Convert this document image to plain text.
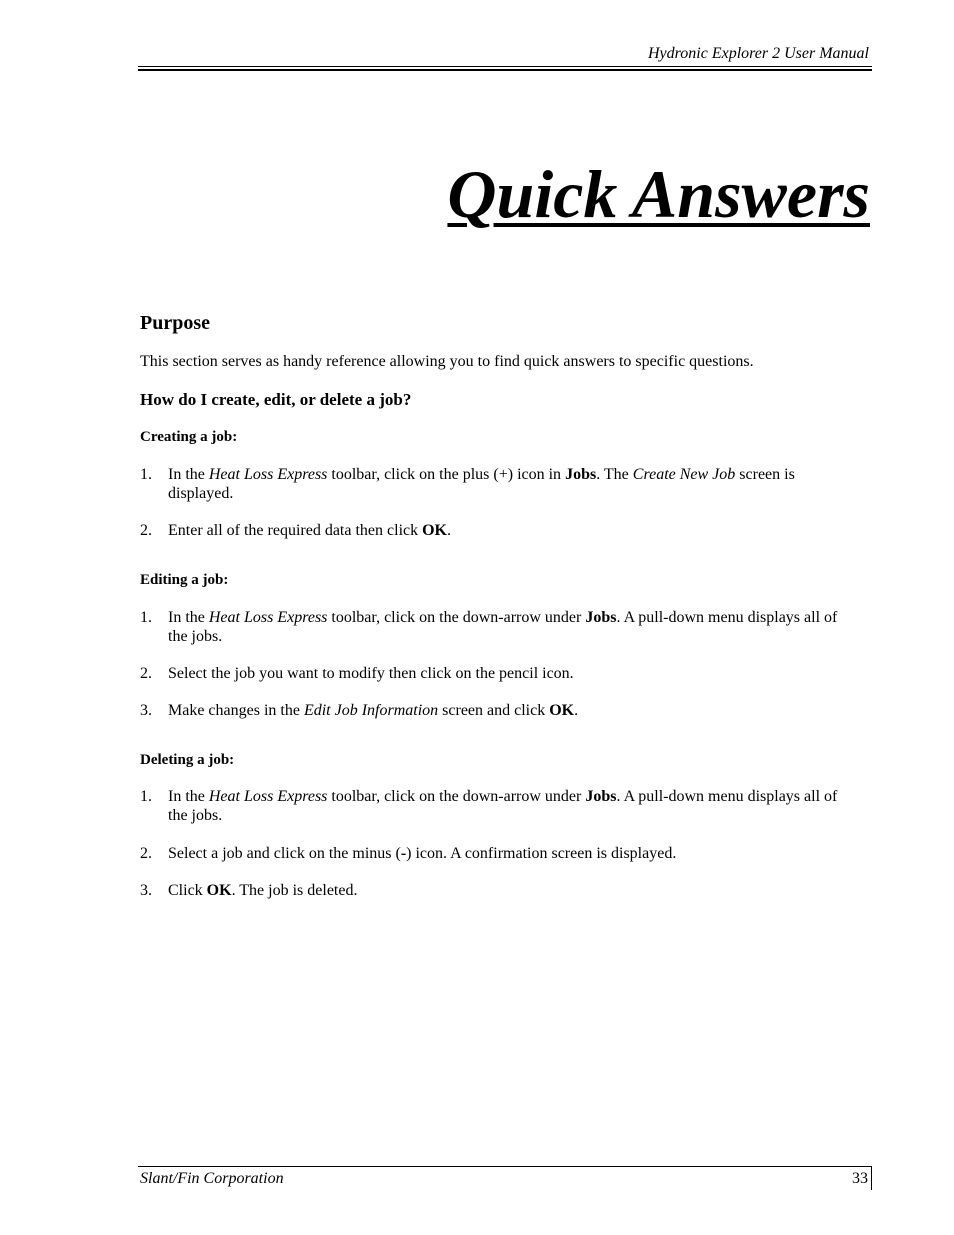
Hydronic Explorer 2 User Manual
Quick Answers
Purpose
This section serves as handy reference allowing you to find quick answers to specific questions.
How do I create, edit, or delete a job?
Creating a job:
1. In the Heat Loss Express toolbar, click on the plus (+) icon in Jobs. The Create New Job screen is displayed.
2. Enter all of the required data then click OK.
Editing a job:
1. In the Heat Loss Express toolbar, click on the down-arrow under Jobs. A pull-down menu displays all of the jobs.
2. Select the job you want to modify then click on the pencil icon.
3. Make changes in the Edit Job Information screen and click OK.
Deleting a job:
1. In the Heat Loss Express toolbar, click on the down-arrow under Jobs. A pull-down menu displays all of the jobs.
2. Select a job and click on the minus (-) icon. A confirmation screen is displayed.
3. Click OK. The job is deleted.
Slant/Fin Corporation	33
